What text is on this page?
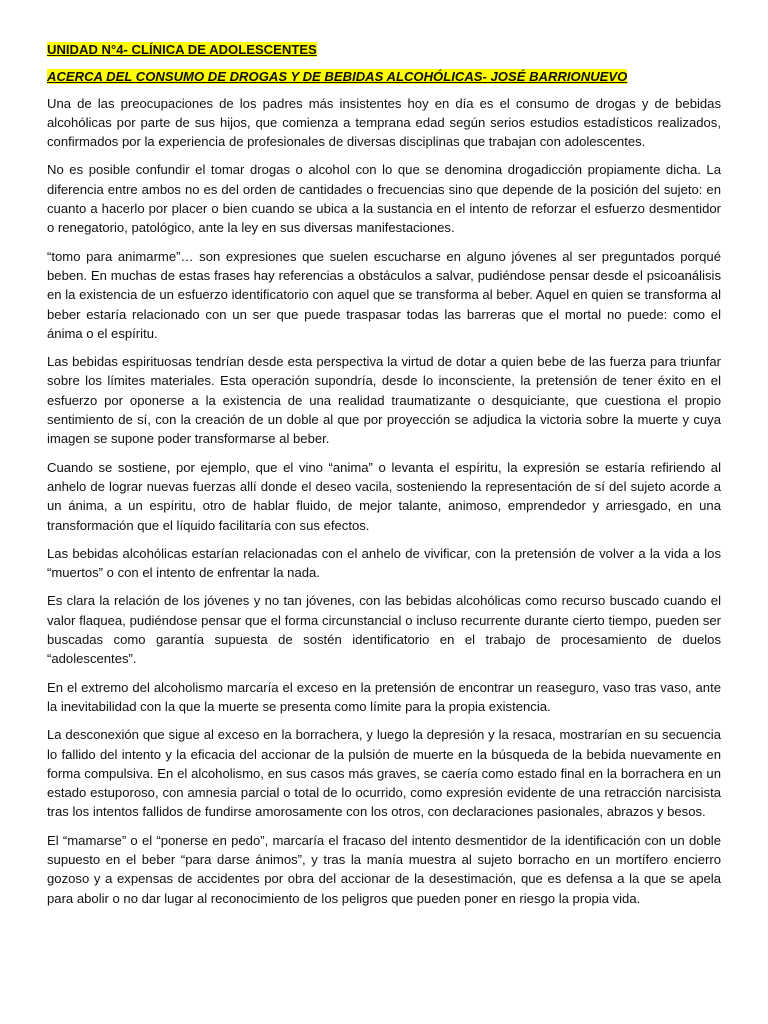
UNIDAD N°4- CLÍNICA DE ADOLESCENTES

ACERCA DEL CONSUMO DE DROGAS Y DE BEBIDAS ALCOHÓLICAS- JOSÉ BARRIONUEVO

Una de las preocupaciones de los padres más insistentes hoy en día es el consumo de drogas y de bebidas alcohólicas por parte de sus hijos, que comienza a temprana edad según serios estudios estadísticos realizados, confirmados por la experiencia de profesionales de diversas disciplinas que trabajan con adolescentes.

No es posible confundir el tomar drogas o alcohol con lo que se denomina drogadicción propiamente dicha. La diferencia entre ambos no es del orden de cantidades o frecuencias sino que depende de la posición del sujeto: en cuanto a hacerlo por placer o bien cuando se ubica a la sustancia en el intento de reforzar el esfuerzo desmentidor o renegatorio, patológico, ante la ley en sus diversas manifestaciones.

“tomo para animarme”… son expresiones que suelen escucharse en alguno jóvenes al ser preguntados porqué beben. En muchas de estas frases hay referencias a obstáculos a salvar, pudiéndose pensar desde el psicoanálisis en la existencia de un esfuerzo identificatorio con aquel que se transforma al beber. Aquel en quien se transforma al beber estaría relacionado con un ser que puede traspasar todas las barreras que el mortal no puede: como el ánima o el espíritu.

Las bebidas espirituosas tendrían desde esta perspectiva la virtud de dotar a quien bebe de las fuerza para triunfar sobre los límites materiales. Esta operación supondría, desde lo inconsciente, la pretensión de tener éxito en el esfuerzo por oponerse a la existencia de una realidad traumatizante o desquiciante, que cuestiona el propio sentimiento de sí, con la creación de un doble al que por proyección se adjudica la victoria sobre la muerte y cuya imagen se supone poder transformarse al beber.

Cuando se sostiene, por ejemplo, que el vino “anima” o levanta el espíritu, la expresión se estaría refiriendo al anhelo de lograr nuevas fuerzas allí donde el deseo vacila, sosteniendo la representación de sí del sujeto acorde a un ánima, a un espíritu, otro de hablar fluido, de mejor talante, animoso, emprendedor y arriesgado, en una transformación que el líquido facilitaría con sus efectos.

Las bebidas alcohólicas estarían relacionadas con el anhelo de vivificar, con la pretensión de volver a la vida a los “muertos” o con el intento de enfrentar la nada.

Es clara la relación de los jóvenes y no tan jóvenes, con las bebidas alcohólicas como recurso buscado cuando el valor flaquea, pudiéndose pensar que el forma circunstancial o incluso recurrente durante cierto tiempo, pueden ser buscadas como garantía supuesta de sostén identificatorio en el trabajo de procesamiento de duelos “adolescentes”.

En el extremo del alcoholismo marcaría el exceso en la pretensión de encontrar un reaseguro, vaso tras vaso, ante la inevitabilidad con la que la muerte se presenta como límite para la propia existencia.

La desconexión que sigue al exceso en la borrachera, y luego la depresión y la resaca, mostrarían en su secuencia lo fallido del intento y la eficacia del accionar de la pulsión de muerte en la búsqueda de la bebida nuevamente en forma compulsiva. En el alcoholismo, en sus casos más graves, se caería como estado final en la borrachera en un estado estuporoso, con amnesia parcial o total de lo ocurrido, como expresión evidente de una retracción narcisista tras los intentos fallidos de fundirse amorosamente con los otros, con declaraciones pasionales, abrazos y besos.

El “mamarse” o el “ponerse en pedo”, marcaría el fracaso del intento desmentidor de la identificación con un doble supuesto en el beber “para darse ánimos”, y tras la manía muestra al sujeto borracho en un mortífero encierro gozoso y a expensas de accidentes por obra del accionar de la desestimación, que es defensa a la que se apela para abolir o no dar lugar al reconocimiento de los peligros que pueden poner en riesgo la propia vida.
